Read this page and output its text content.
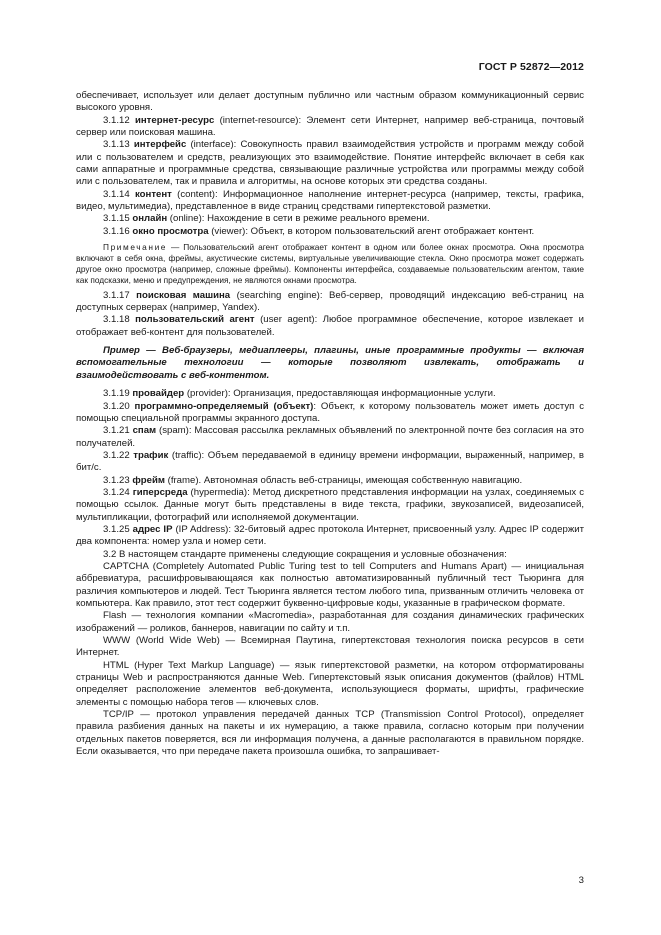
ГОСТ Р 52872—2012

обеспечивает, использует или делает доступным публично или частным образом коммуникационный сервис высокого уровня.

3.1.12 интернет-ресурс (internet-resource): Элемент сети Интернет, например веб-страница, почтовый сервер или поисковая машина.

3.1.13 интерфейс (interface): Совокупность правил взаимодействия устройств и программ между собой или с пользователем и средств, реализующих это взаимодействие. Понятие интерфейс включает в себя как сами аппаратные и программные средства, связывающие различные устройства или программы между собой или с пользователем, так и правила и алгоритмы, на основе которых эти средства созданы.

3.1.14 контент (content): Информационное наполнение интернет-ресурса (например, тексты, графика, видео, мультимедиа), представленное в виде страниц средствами гипертекстовой разметки.

3.1.15 онлайн (online): Нахождение в сети в режиме реального времени.

3.1.16 окно просмотра (viewer): Объект, в котором пользовательский агент отображает контент.

Примечание — Пользовательский агент отображает контент в одном или более окнах просмотра. Окна просмотра включают в себя окна, фреймы, акустические системы, виртуальные увеличивающие стекла. Окно просмотра может содержать другое окно просмотра (например, сложные фреймы). Компоненты интерфейса, создаваемые пользовательским агентом, такие как подсказки, меню и предупреждения, не являются окнами просмотра.

3.1.17 поисковая машина (searching engine): Веб-сервер, проводящий индексацию веб-страниц на доступных серверах (например, Yandex).

3.1.18 пользовательский агент (user agent): Любое программное обеспечение, которое извлекает и отображает веб-контент для пользователей.

Пример — Веб-браузеры, медиаплееры, плагины, иные программные продукты — включая вспомогательные технологии — которые позволяют извлекать, отображать и взаимодействовать с веб-контентом.

3.1.19 провайдер (provider): Организация, предоставляющая информационные услуги.

3.1.20 программно-определяемый (объект): Объект, к которому пользователь может иметь доступ с помощью специальной программы экранного доступа.

3.1.21 спам (spam): Массовая рассылка рекламных объявлений по электронной почте без согласия на это получателей.

3.1.22 трафик (traffic): Объем передаваемой в единицу времени информации, выраженный, например, в бит/с.

3.1.23 фрейм (frame). Автономная область веб-страницы, имеющая собственную навигацию.

3.1.24 гиперсреда (hypermedia): Метод дискретного представления информации на узлах, соединяемых с помощью ссылок. Данные могут быть представлены в виде текста, графики, звукозаписей, видеозаписей, мультипликации, фотографий или исполняемой документации.

3.1.25 адрес IP (IP Address): 32-битовый адрес протокола Интернет, присвоенный узлу. Адрес IP содержит два компонента: номер узла и номер сети.

3.2 В настоящем стандарте применены следующие сокращения и условные обозначения:

CAPTCHA (Completely Automated Public Turing test to tell Computers and Humans Apart) — инициальная аббревиатура, расшифровывающаяся как полностью автоматизированный публичный тест Тьюринга для различия компьютеров и людей. Тест Тьюринга является тестом любого типа, призванным отличить человека от компьютера. Как правило, этот тест содержит буквенно-цифровые коды, указанные в графическом формате.

Flash — технология компании «Macromedia», разработанная для создания динамических графических изображений — роликов, баннеров, навигации по сайту и т.п.

WWW (World Wide Web) — Всемирная Паутина, гипертекстовая технология поиска ресурсов в сети Интернет.

HTML (Hyper Text Markup Language) — язык гипертекстовой разметки, на котором отформатированы страницы Web и распространяются данные Web. Гипертекстовый язык описания документов (файлов) HTML определяет расположение элементов веб-документа, использующиеся форматы, шрифты, графические элементы с помощью набора тегов — ключевых слов.

TCP/IP — протокол управления передачей данных TCP (Transmission Control Protocol), определяет правила разбиения данных на пакеты и их нумерацию, а также правила, согласно которым при получении отдельных пакетов поверяется, вся ли информация получена, а данные располагаются в правильном порядке. Если оказывается, что при передаче пакета произошла ошибка, то запрашивает-

3
